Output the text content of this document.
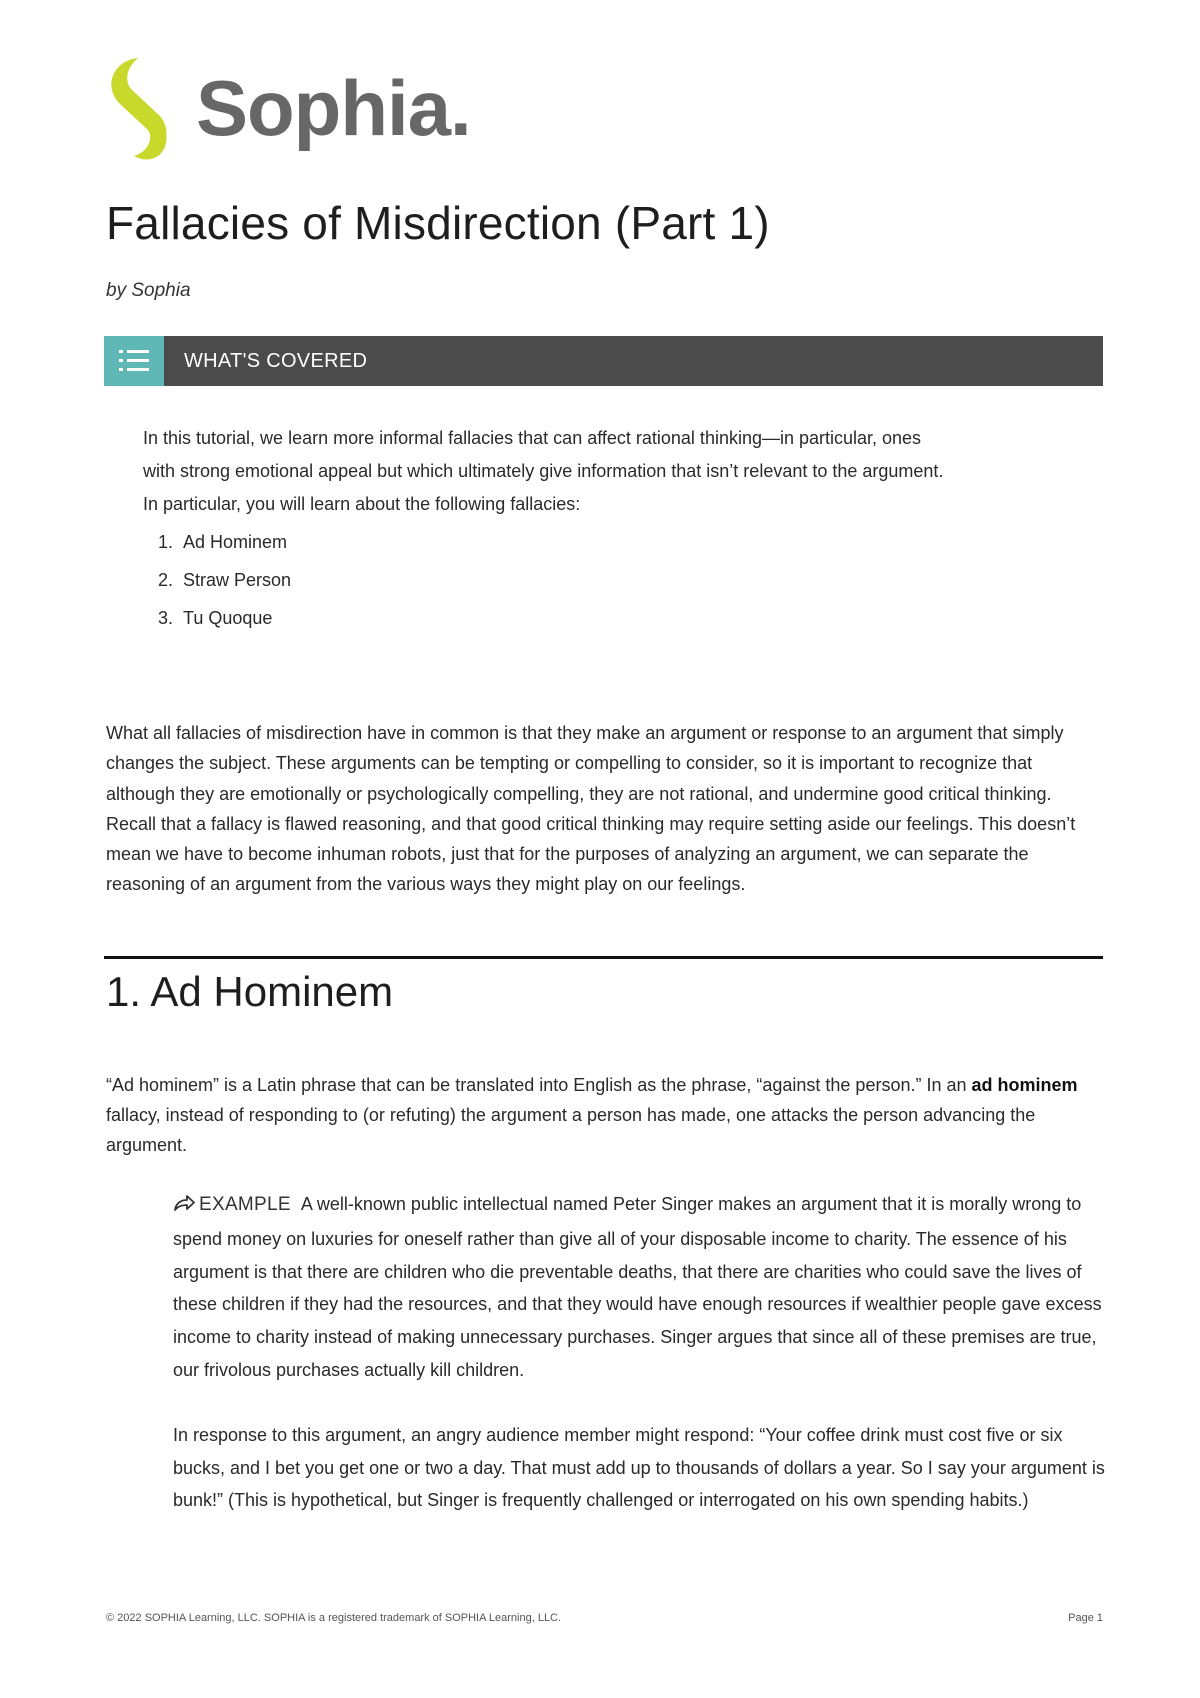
Sophia.
Fallacies of Misdirection (Part 1)
by Sophia
WHAT'S COVERED

In this tutorial, we learn more informal fallacies that can affect rational thinking—in particular, ones

with strong emotional appeal but which ultimately give information that isn’t relevant to the argument.

In particular, you will learn about the following fallacies:

1. Ad Hominem
2. Straw Person
3. Tu Quoque

What all fallacies of misdirection have in common is that they make an argument or response to an argument that simply changes the subject. These arguments can be tempting or compelling to consider, so it is important to recognize that although they are emotionally or psychologically compelling, they are not rational, and undermine good critical thinking. Recall that a fallacy is flawed reasoning, and that good critical thinking may require setting aside our feelings. This doesn’t mean we have to become inhuman robots, just that for the purposes of analyzing an argument, we can separate the reasoning of an argument from the various ways they might play on our feelings.

1. Ad Hominem

“Ad hominem” is a Latin phrase that can be translated into English as the phrase, “against the person.” In an ad hominem fallacy, instead of responding to (or refuting) the argument a person has made, one attacks the person advancing the argument.

EXAMPLE A well-known public intellectual named Peter Singer makes an argument that it is morally wrong to spend money on luxuries for oneself rather than give all of your disposable income to charity. The essence of his argument is that there are children who die preventable deaths, that there are charities who could save the lives of these children if they had the resources, and that they would have enough resources if wealthier people gave excess income to charity instead of making unnecessary purchases. Singer argues that since all of these premises are true, our frivolous purchases actually kill children.

In response to this argument, an angry audience member might respond: “Your coffee drink must cost five or six bucks, and I bet you get one or two a day. That must add up to thousands of dollars a year. So I say your argument is bunk!” (This is hypothetical, but Singer is frequently challenged or interrogated on his own spending habits.)

© 2022 SOPHIA Learning, LLC. SOPHIA is a registered trademark of SOPHIA Learning, LLC.	Page 1
